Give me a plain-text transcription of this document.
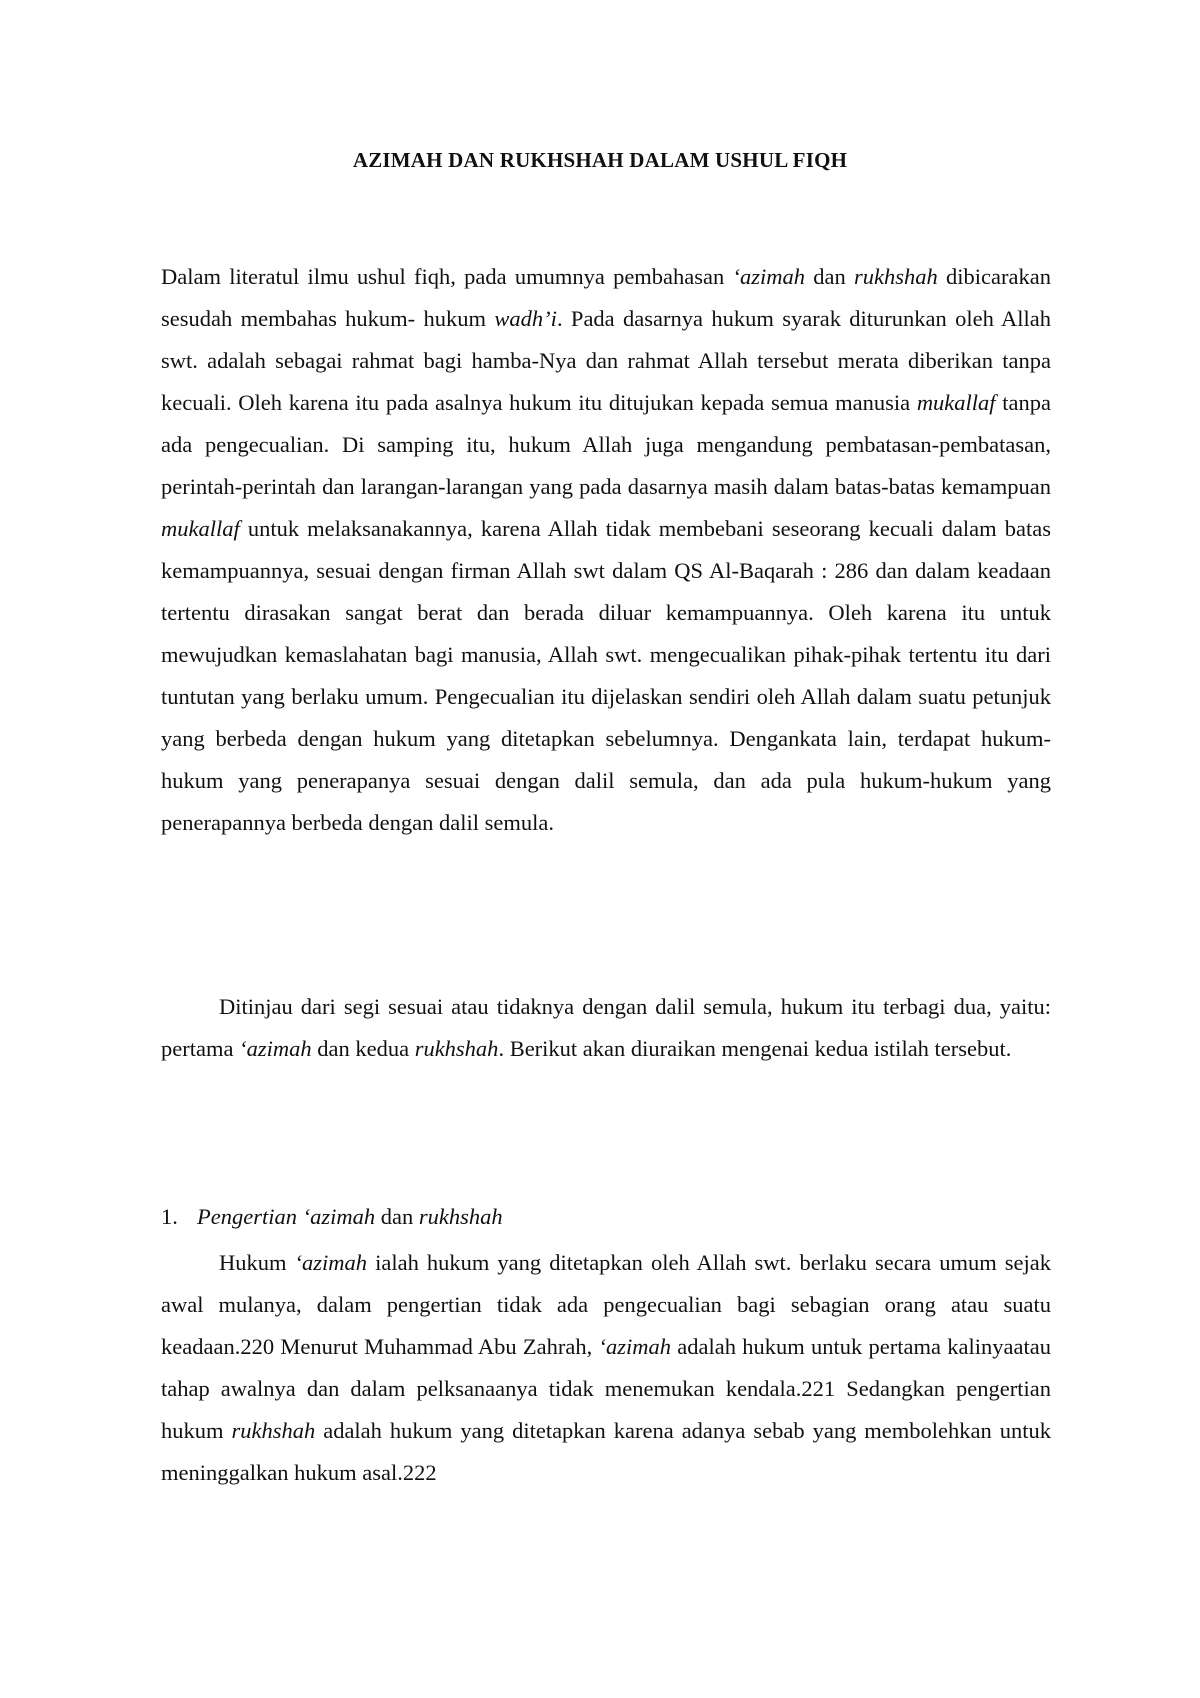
AZIMAH DAN RUKHSHAH DALAM USHUL FIQH

Dalam literatul ilmu ushul fiqh, pada umumnya pembahasan ‘azimah dan rukhshah dibicarakan sesudah membahas hukum- hukum wadh’i. Pada dasarnya hukum syarak diturunkan oleh Allah swt. adalah sebagai rahmat bagi hamba-Nya dan rahmat Allah tersebut merata diberikan tanpa kecuali. Oleh karena itu pada asalnya hukum itu ditujukan kepada semua manusia mukallaf tanpa ada pengecualian. Di samping itu, hukum Allah juga mengandung pembatasan-pembatasan, perintah-perintah dan larangan-larangan yang pada dasarnya masih dalam batas-batas kemampuan mukallaf untuk melaksanakannya, karena Allah tidak membebani seseorang kecuali dalam batas kemampuannya, sesuai dengan firman Allah swt dalam QS Al-Baqarah : 286 dan dalam keadaan tertentu dirasakan sangat berat dan berada diluar kemampuannya. Oleh karena itu untuk mewujudkan kemaslahatan bagi manusia, Allah swt. mengecualikan pihak-pihak tertentu itu dari tuntutan yang berlaku umum. Pengecualian itu dijelaskan sendiri oleh Allah dalam suatu petunjuk yang berbeda dengan hukum yang ditetapkan sebelumnya. Dengankata lain, terdapat hukum-hukum yang penerapanya sesuai dengan dalil semula, dan ada pula hukum-hukum yang penerapannya berbeda dengan dalil semula.

Ditinjau dari segi sesuai atau tidaknya dengan dalil semula, hukum itu terbagi dua, yaitu: pertama ‘azimah dan kedua rukhshah. Berikut akan diuraikan mengenai kedua istilah tersebut.

1. Pengertian ‘azimah dan rukhshah

Hukum ‘azimah ialah hukum yang ditetapkan oleh Allah swt. berlaku secara umum sejak awal mulanya, dalam pengertian tidak ada pengecualian bagi sebagian orang atau suatu keadaan.220 Menurut Muhammad Abu Zahrah, ‘azimah adalah hukum untuk pertama kalinyaatau tahap awalnya dan dalam pelksanaanya tidak menemukan kendala.221 Sedangkan pengertian hukum rukhshah adalah hukum yang ditetapkan karena adanya sebab yang membolehkan untuk meninggalkan hukum asal.222
